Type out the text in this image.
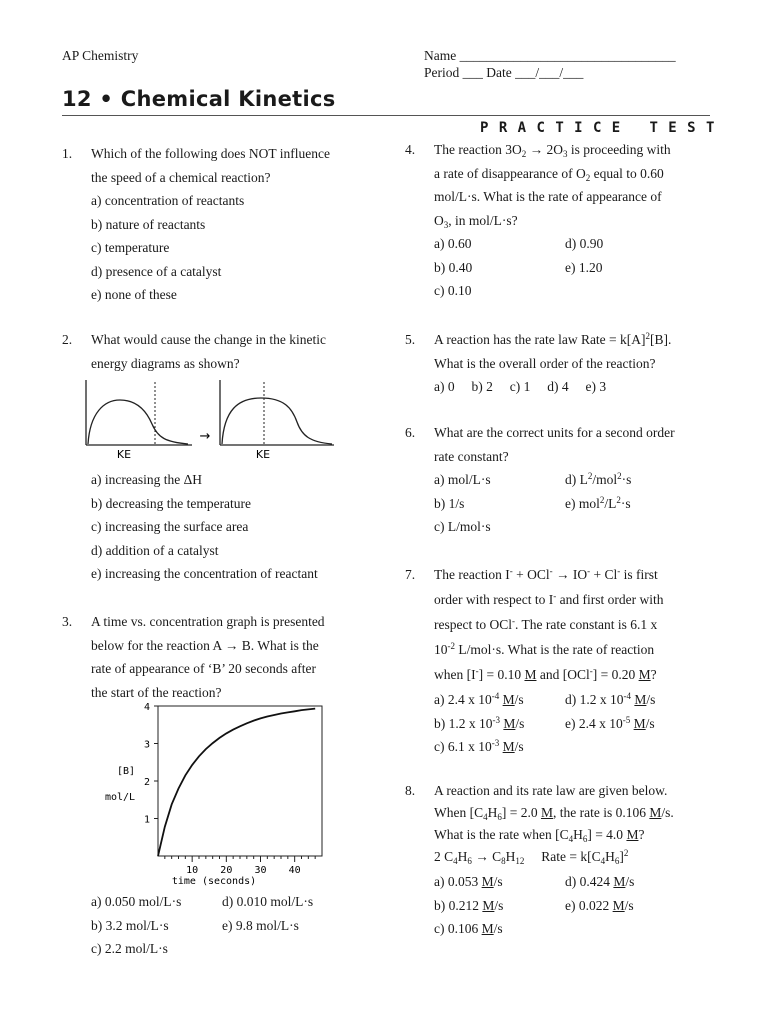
AP Chemistry	Name ________________________________
Period ___ Date ___/___/___
12 • Chemical Kinetics
PRACTICE TEST
1. Which of the following does NOT influence
the speed of a chemical reaction?
a) concentration of reactants
b) nature of reactants
c) temperature
d) presence of a catalyst
e) none of these
2. What would cause the change in the kinetic
energy diagrams as shown?
KE
→
KE
a) increasing the ΔH
b) decreasing the temperature
c) increasing the surface area
d) addition of a catalyst
e) increasing the concentration of reactant
3. A time vs. concentration graph is presented
below for the reaction A → B. What is the
rate of appearance of ‘B’ 20 seconds after
the start of the reaction?
10 20 30 40
1
2
3
4
[B]
mol/L
time (seconds)
a) 0.050 mol/L·s	d) 0.010 mol/L·s
b) 3.2 mol/L·s	e) 9.8 mol/L·s
c) 2.2 mol/L·s
4. The reaction $3O_2 \to 2O_3$ is proceeding with
a rate of disappearance of $O_2$ equal to 0.60
mol/L·s. What is the rate of appearance of
$O_3$, in mol/L·s?
a) 0.60	d) 0.90
b) 0.40	e) 1.20
c) 0.10
5. A reaction has the rate law Rate = $k[A]^2[B]$.
What is the overall order of the reaction?
a) 0     b) 2     c) 1     d) 4     e) 3
6. What are the correct units for a second order
rate constant?
a) mol/L·s	d) $L^2/mol^2\cdot s$
b) 1/s	e) $mol^2/L^2\cdot s$
c) L/mol·s
7. The reaction I- + OCl- → IO- + Cl- is first
order with respect to I- and first order with
respect to OCl-. The rate constant is 6.1 x
$10^{-2}$ L/mol·s. What is the rate of reaction
when [I-] = 0.10 M and [OCl-] = 0.20 M?
a) 2.4 x $10^{-4}$ M/s	d) 1.2 x $10^{-4}$ M/s
b) 1.2 x $10^{-3}$ M/s	e) 2.4 x $10^{-5}$ M/s
c) 6.1 x $10^{-3}$ M/s
8. A reaction and its rate law are given below.
When $[C_4H_6] = 2.0$ M, the rate is 0.106 M/s.
What is the rate when $[C_4H_6] = 4.0$ M?
2 $C_4H_6 \to C_8H_{12}$     Rate = $k[C_4H_6]^2$
a) 0.053 M/s	d) 0.424 M/s
b) 0.212 M/s	e) 0.022 M/s
c) 0.106 M/s
